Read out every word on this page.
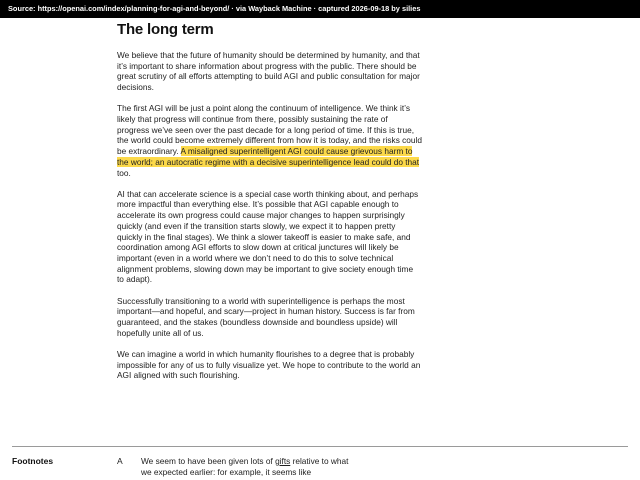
Source: https://openai.com/index/planning-for-agi-and-beyond/ · via Wayback Machine · captured 2026-09-18 by silies
The long term

We believe that the future of humanity should be determined by humanity, and that it’s important to share information about progress with the public. There should be great scrutiny of all efforts attempting to build AGI and public consultation for major decisions.

The first AGI will be just a point along the continuum of intelligence. We think it’s likely that progress will continue from there, possibly sustaining the rate of progress we’ve seen over the past decade for a long period of time. If this is true, the world could become extremely different from how it is today, and the risks could be extraordinary. A misaligned superintelligent AGI could cause grievous harm to the world; an autocratic regime with a decisive superintelligence lead could do that too.

AI that can accelerate science is a special case worth thinking about, and perhaps more impactful than everything else. It’s possible that AGI capable enough to accelerate its own progress could cause major changes to happen surprisingly quickly (and even if the transition starts slowly, we expect it to happen pretty quickly in the final stages). We think a slower takeoff is easier to make safe, and coordination among AGI efforts to slow down at critical junctures will likely be important (even in a world where we don’t need to do this to solve technical alignment problems, slowing down may be important to give society enough time to adapt).

Successfully transitioning to a world with superintelligence is perhaps the most important—and hopeful, and scary—project in human history. Success is far from guaranteed, and the stakes (boundless downside and boundless upside) will hopefully unite all of us.

We can imagine a world in which humanity flourishes to a degree that is probably impossible for any of us to fully visualize yet. We hope to contribute to the world an AGI aligned with such flourishing.

Footnotes	A We seem to have been given lots of gifts relative to what we expected earlier: for example, it seems like
